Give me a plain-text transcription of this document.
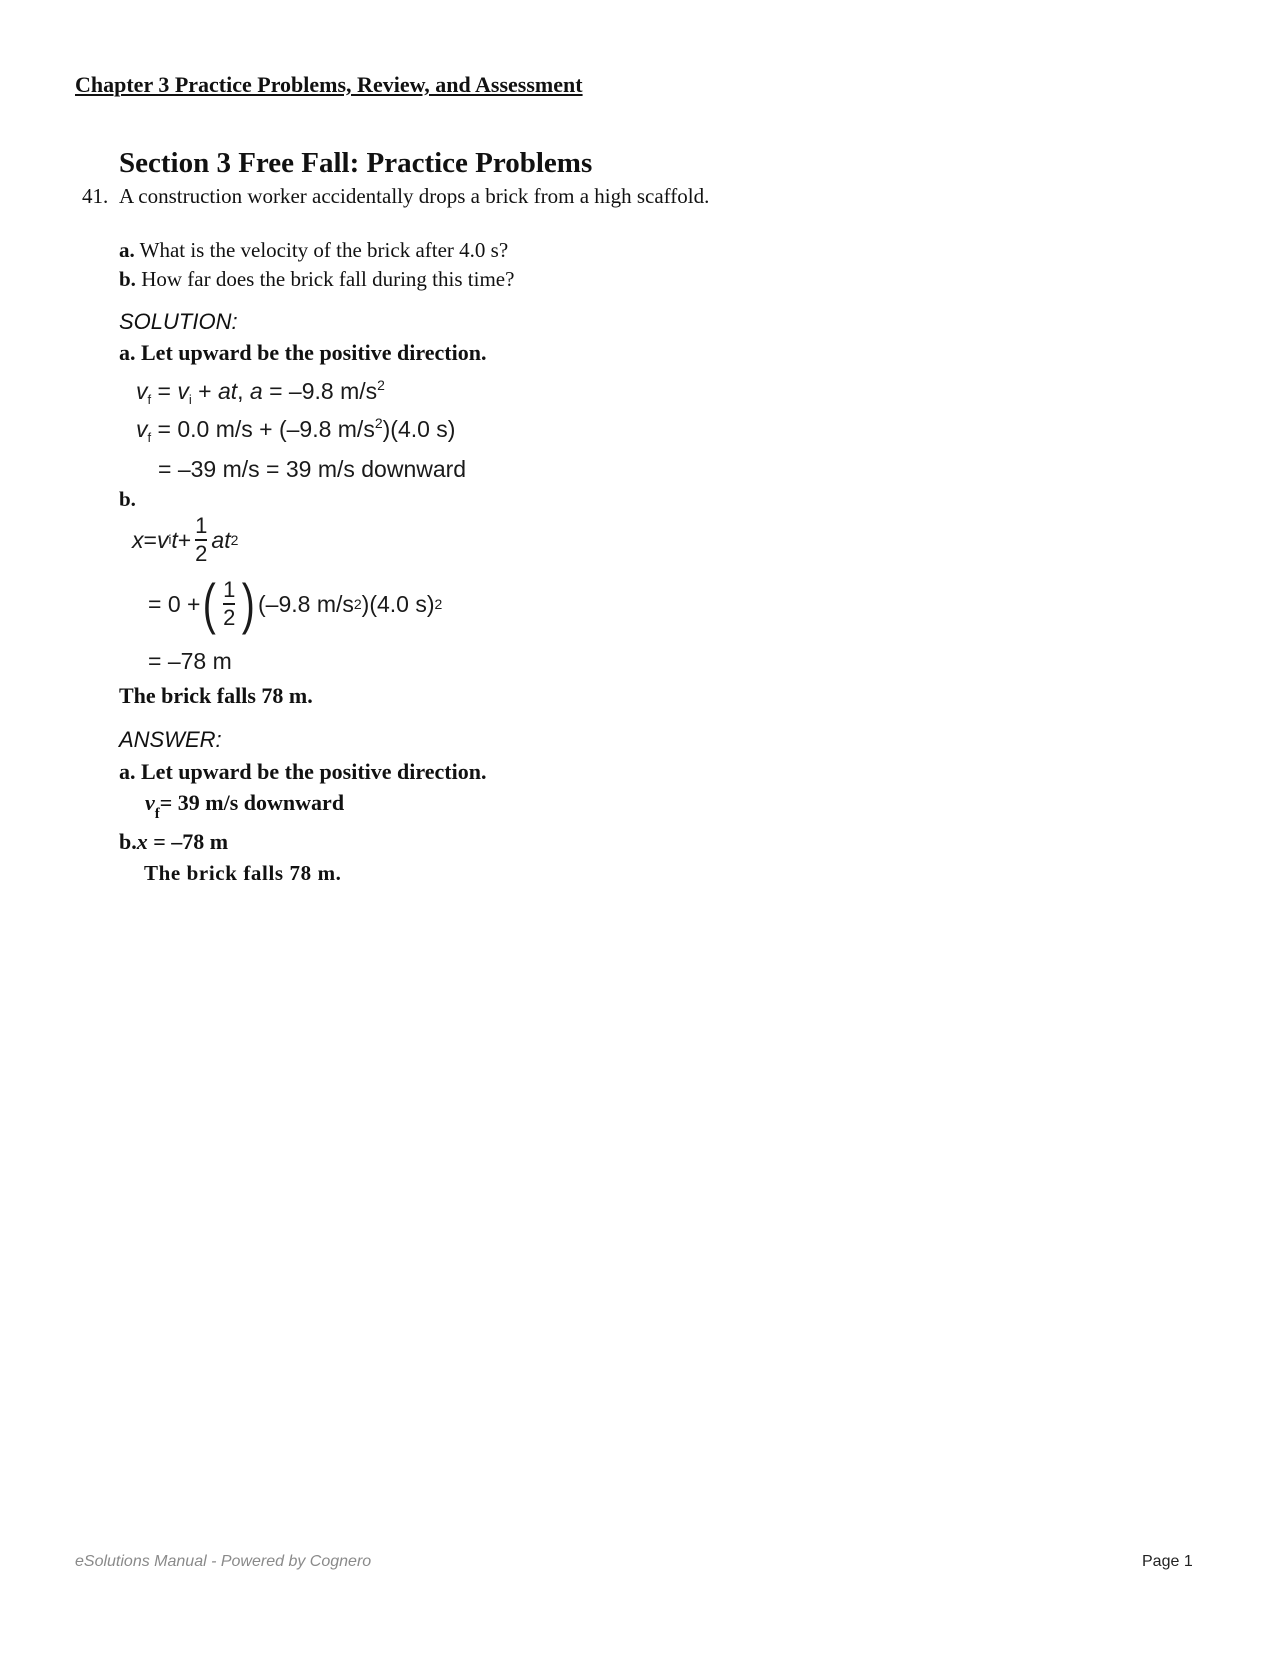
Chapter 3 Practice Problems, Review, and Assessment
Section 3 Free Fall: Practice Problems
41. A construction worker accidentally drops a brick from a high scaffold.
a. What is the velocity of the brick after 4.0 s?
b. How far does the brick fall during this time?
SOLUTION:
a. Let upward be the positive direction.
$v_f = v_i$ + at, a = –9.8 $m/s^2$
$v_f = 0.0$ m/s + (–9.8 $m/s^2)(4.0$ s)
= –39 m/s = 39 m/s downward
b.
x = v i $t + \frac{1}{2}$ at 2
= 0 + ( $\frac{1}{2}$ ) (–9.8 m/s 2 )(4.0 s) 2
= –78 m
The brick falls 78 m.
ANSWER:
a. Let upward be the positive direction.
$v_f= 39$ m/s downward
b.x = –78 m
The brick falls 78 m.
eSolutions Manual - Powered by Cognero	Page 1
